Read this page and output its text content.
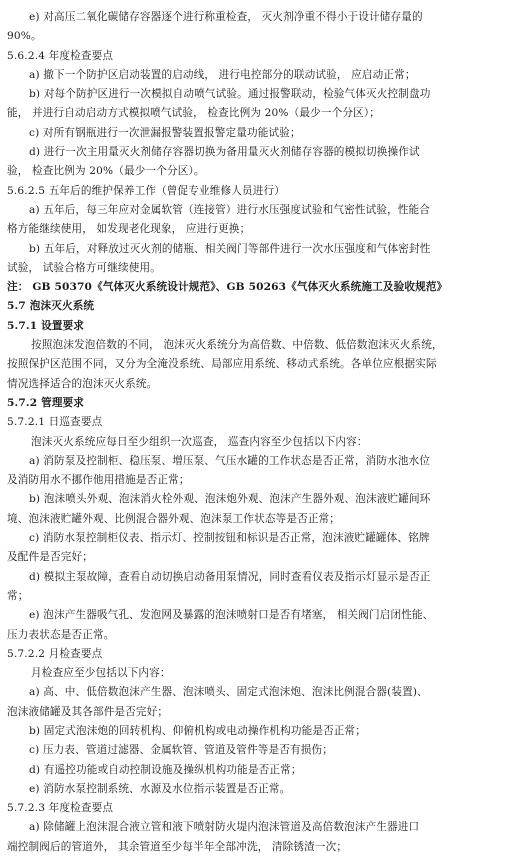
e) 对高压二氧化碳储存容器逐个进行称重检查， 灭火剂净重不得小于设计储存量的
90%。
5.6.2.4 年度检查要点
a) 撤下一个防护区启动装置的启动线， 进行电控部分的联动试验， 应启动正常；
b) 对每个防护区进行一次模拟自动喷气试验。通过报警联动，检验气体灭火控制盘功
能， 并进行自动启动方式模拟喷气试验， 检查比例为 20%（最少一个分区）；
c) 对所有钢瓶进行一次泄漏报警装置报警定量功能试验；
d) 进行一次主用量灭火剂储存容器切换为备用量灭火剂储存容器的模拟切换操作试
验， 检查比例为 20%（最少一个分区）。
5.6.2.5 五年后的维护保养工作（曾促专业维修人员进行）
a) 五年后，每三年应对金属软管（连接管）进行水压强度试验和气密性试验，性能合
格方能继续使用， 如发现老化现象， 应进行更换；
b) 五年后，对释放过灭火剂的储瓶、相关阀门等部件进行一次水压强度和气体密封性
试验， 试验合格方可继续使用。
注： GB 50370《气体灭火系统设计规范》、GB 50263《气体灭火系统施工及验收规范》
5.7 泡沫灭火系统
5.7.1 设置要求
按照泡沫发泡倍数的不同， 泡沫灭火系统分为高倍数、中倍数、低倍数泡沫灭火系统，
按照保护区范围不同，又分为全淹没系统、局部应用系统、移动式系统。各单位应根据实际
情况选择适合的泡沫灭火系统。
5.7.2 管理要求
5.7.2.1 日巡查要点
泡沫灭火系统应每日至少组织一次巡查， 巡查内容至少包括以下内容：
a) 消防泵及控制柜、稳压泵、增压泵、气压水罐的工作状态是否正常，消防水池水位
及消防用水不挪作他用措施是否正常；
b) 泡沫喷头外观、泡沫消火栓外观、泡沫炮外观、泡沫产生器外观、泡沫液贮罐间环
境、泡沫液贮罐外观、比例混合器外观、泡沫泵工作状态等是否正常；
c) 消防水泵控制柜仪表、指示灯、控制按钮和标识是否正常，泡沫液贮罐罐体、铭牌
及配件是否完好；
d) 模拟主泵故障，查看自动切换启动备用泵情况，同时查看仪表及指示灯显示是否正
常；
e) 泡沫产生器吸气孔、发泡网及暴露的泡沫喷射口是否有堵塞， 相关阀门启闭性能、
压力表状态是否正常。
5.7.2.2 月检查要点
月检查应至少包括以下内容：
a) 高、中、低倍数泡沫产生器、泡沫喷头、固定式泡沫炮、泡沫比例混合器(装置)、
泡沫液储罐及其各部件是否完好；
b) 固定式泡沫炮的回转机构、仰俯机构或电动操作机构功能是否正常；
c) 压力表、管道过滤器、金属软管、管道及管件等是否有损伤；
d) 有遥控功能或自动控制设施及操纵机构功能是否正常；
e) 消防水泵控制系统、水源及水位指示装置是否正常。
5.7.2.3 年度检查要点
a) 除储罐上泡沫混合液立管和液下喷射防火堤内泡沫管道及高倍数泡沫产生器进口
端控制阀后的管道外， 其余管道至少每半年全部冲洗， 清除锈渣一次；
